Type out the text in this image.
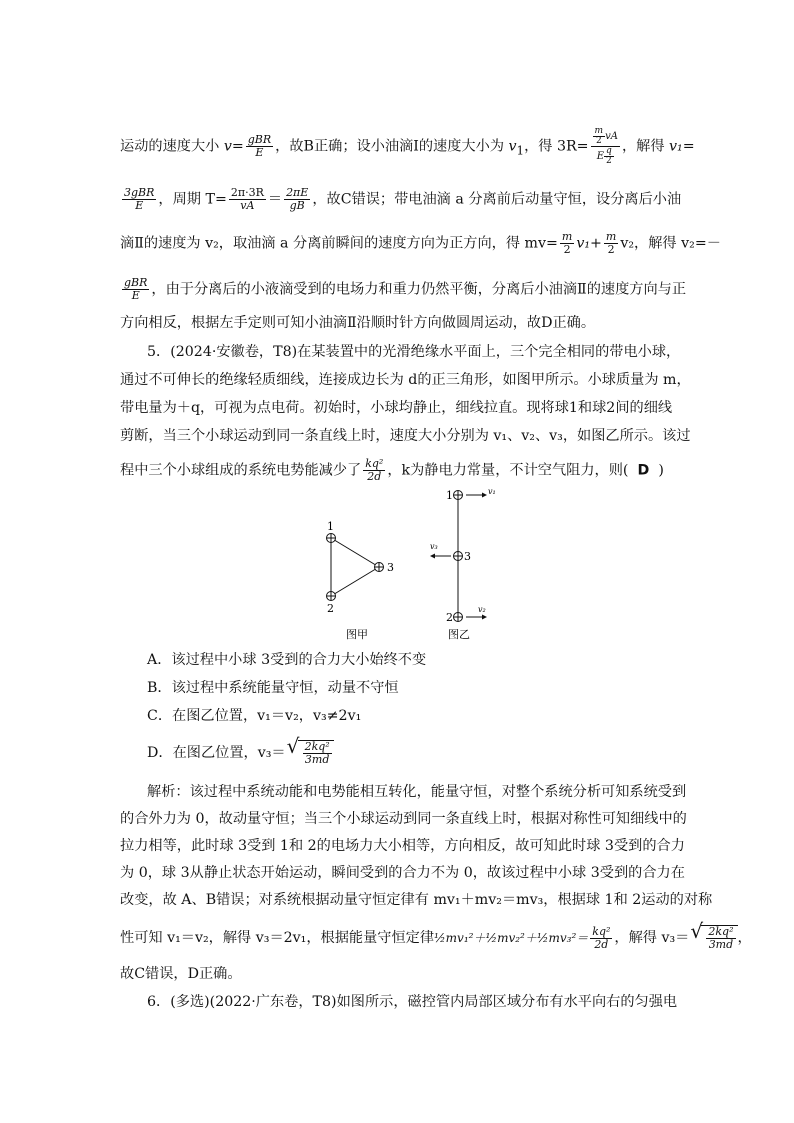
运动的速度大小 $v= \frac{\text{gBR}}{E}$ ，故B正确；设小油滴Ⅰ的速度大小为 $v_1$，得 $3R= \frac{\frac{m}{2} vA}{E \frac{q}{2}}$ ，解得 v₁=
$\frac{\text{3gBR}}{E}$ ，周期 $T= \frac{2\pi\cdot 3R}{vA} = \frac{2\pi E}{gB}$ ，故C错误；带电油滴 a 分离前后动量守恒，设分离后小油
滴Ⅱ的速度为 v₂，取油滴 a 分离前瞬间的速度方向为正方向，得 $mv= \frac{m}{2} v_1+ \frac{m}{2} v_2$，解得 v₂=－
$\frac{\text{gBR}}{E}$ ，由于分离后的小液滴受到的电场力和重力仍然平衡，分离后小油滴Ⅱ的速度方向与正
方向相反，根据左手定则可知小油滴Ⅱ沿顺时针方向做圆周运动，故D正确。
5．(2024·安徽卷，T8)在某装置中的光滑绝缘水平面上，三个完全相同的带电小球，
通过不可伸长的绝缘轻质细线，连接成边长为 d的正三角形，如图甲所示。小球质量为 m，
带电量为＋q，可视为点电荷。初始时，小球均静止，细线拉直。现将球1和球2间的细线
剪断，当三个小球运动到同一条直线上时，速度大小分别为 v₁、v₂、v₃，如图乙所示。该过
程中三个小球组成的系统电势能减少了 $\frac{\text{kq²}}{2d}$ ，k为静电力常量，不计空气阻力，则( D )
1
2
3
图甲
1
2
3
v₁
v₃
v₂
图乙
A．该过程中小球 3受到的合力大小始终不变
B．该过程中系统能量守恒，动量不守恒
C．在图乙位置，v₁＝v₂，v₃≠2v₁
D．在图乙位置，v₃＝ √ $\frac{\text{2kq²}}{3md}$
解析：该过程中系统动能和电势能相互转化，能量守恒，对整个系统分析可知系统受到
的合外力为 0，故动量守恒；当三个小球运动到同一条直线上时，根据对称性可知细线中的
拉力相等，此时球 3受到 1和 2的电场力大小相等，方向相反，故可知此时球 3受到的合力
为 0，球 3从静止状态开始运动，瞬间受到的合力不为 0，故该过程中小球 3受到的合力在
改变，故 A、B错误；对系统根据动量守恒定律有 mv₁＋mv₂＝mv₃，根据球 1和 2运动的对称
性可知 v₁＝v₂，解得 v₃＝2v₁，根据能量守恒定律½mv₁²＋½mv₂²＋½mv₃²＝ $\frac{\text{kq²}}{2d}$ ，解得 v₃＝ √ $\frac{\text{2kq²}}{3md}$ ，
故C错误，D正确。
6．(多选)(2022·广东卷，T8)如图所示，磁控管内局部区域分布有水平向右的匀强电
